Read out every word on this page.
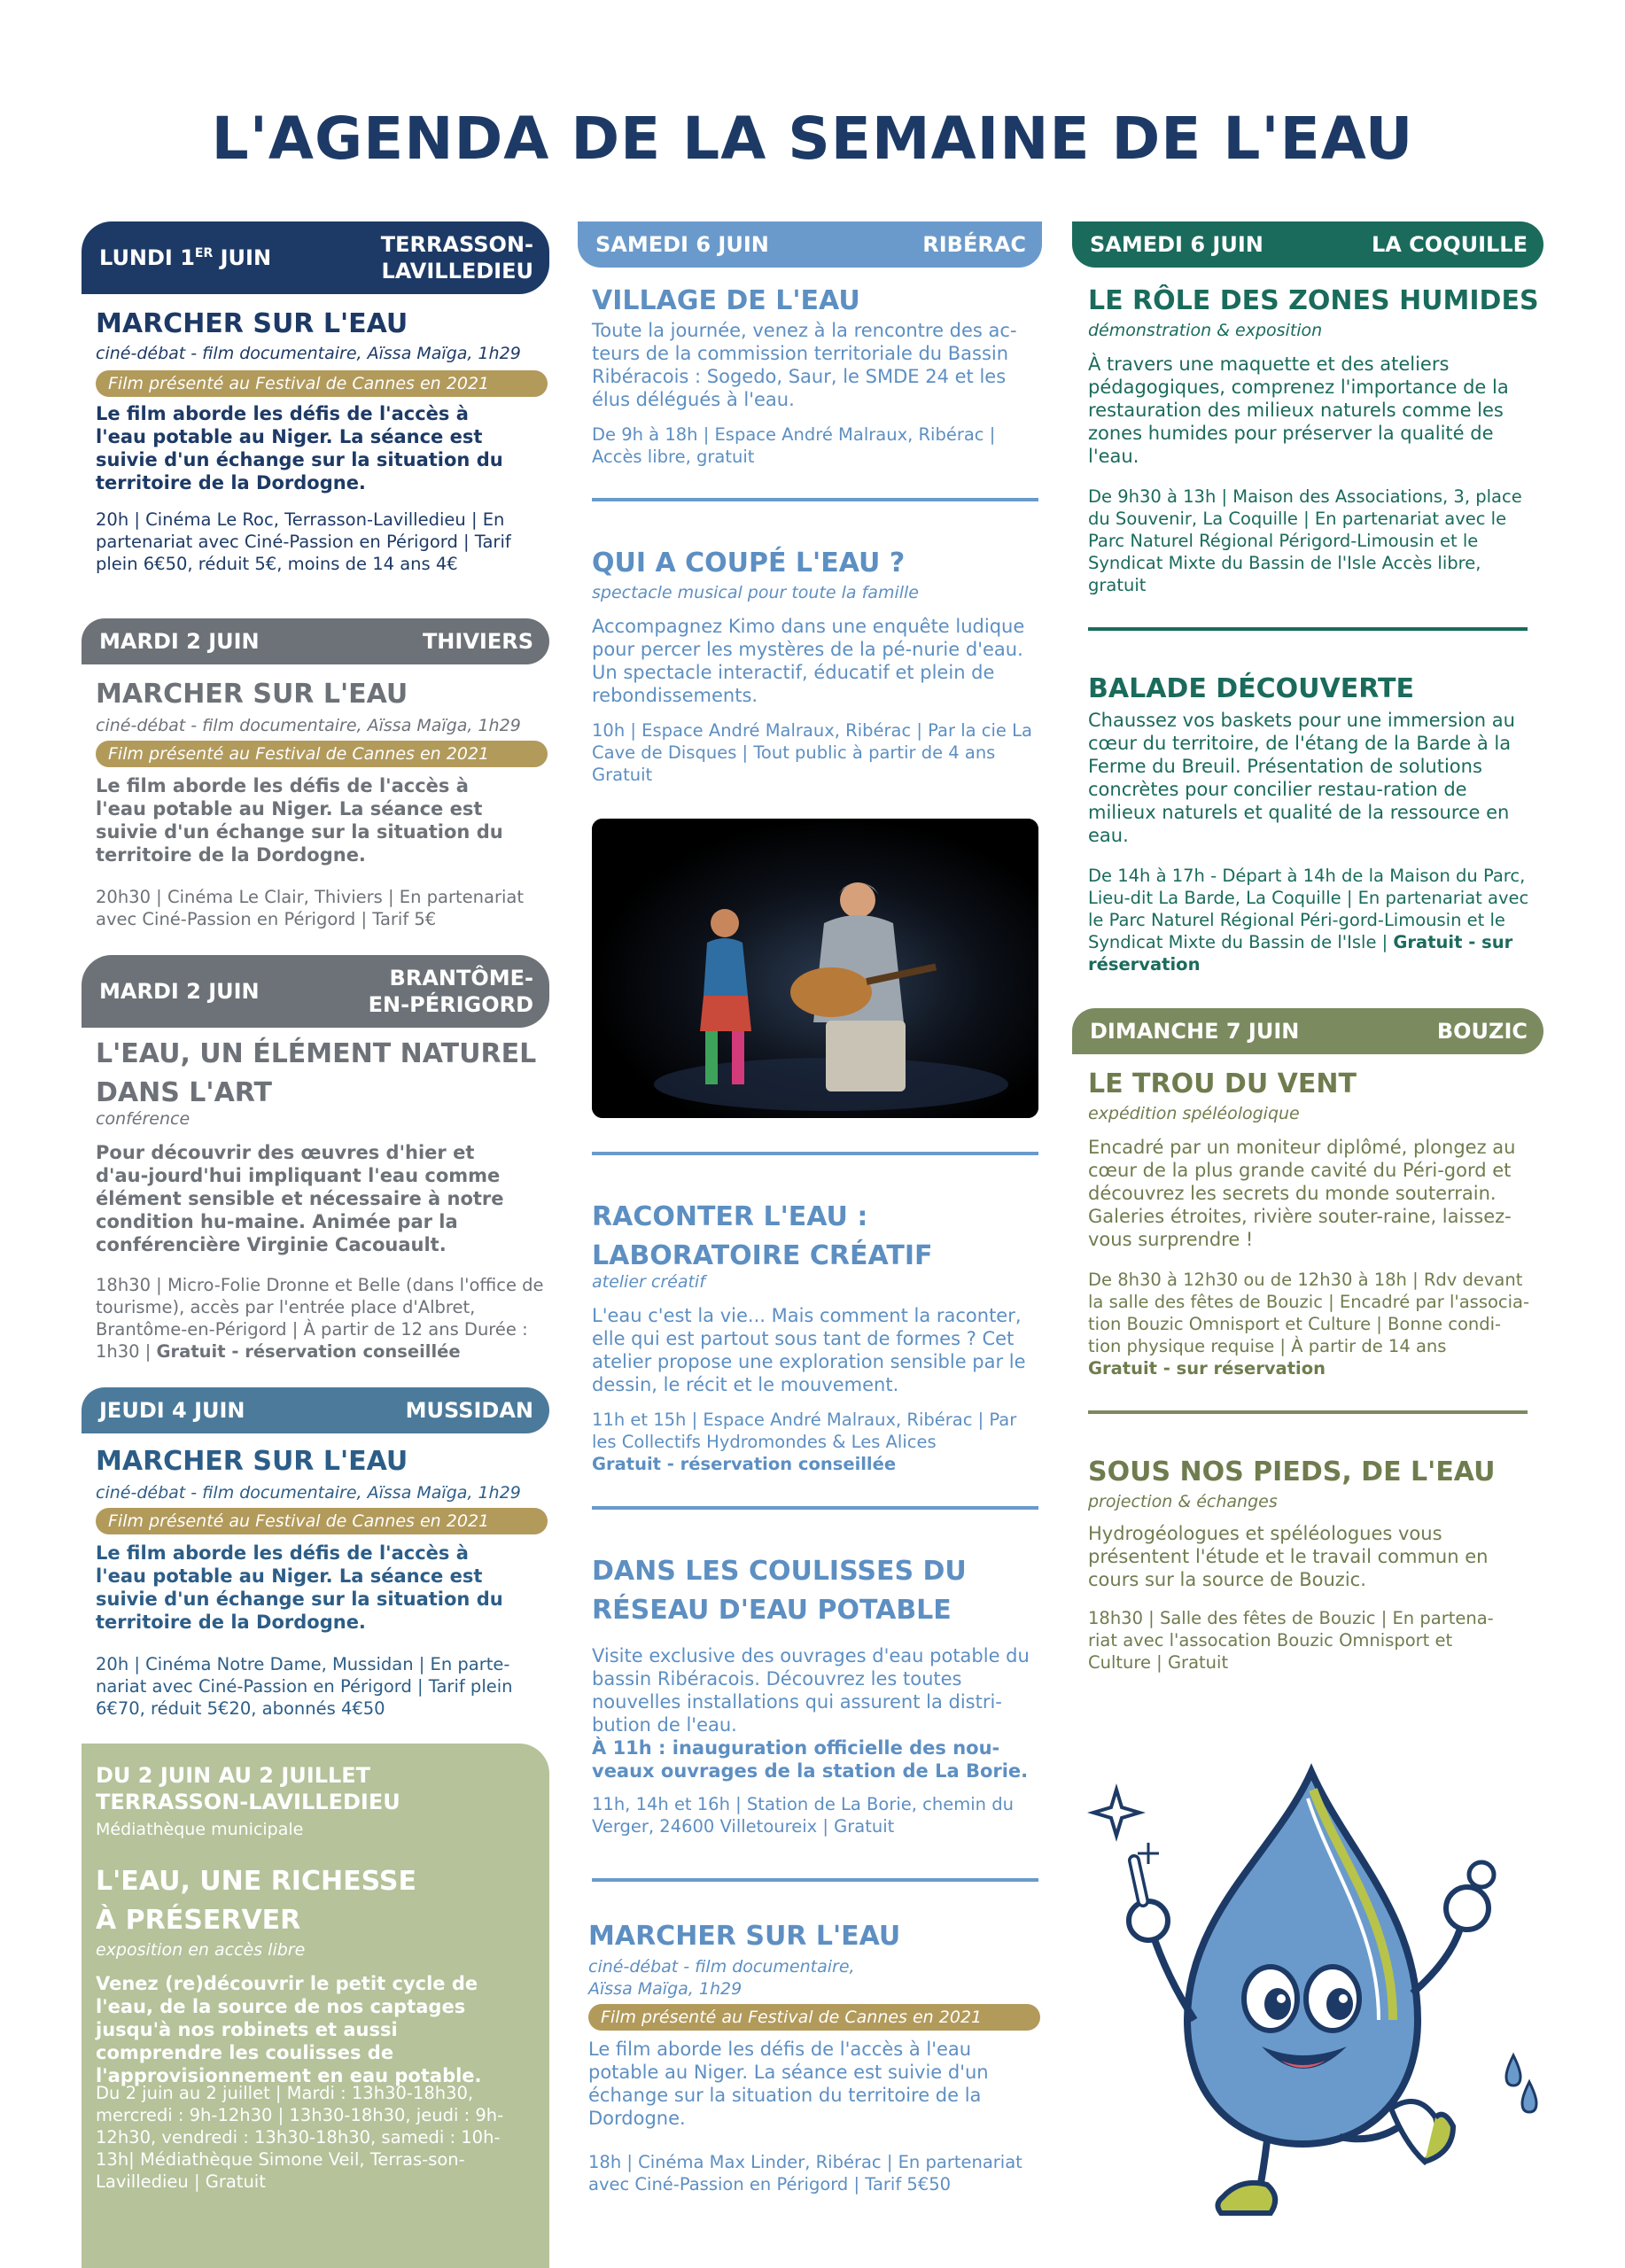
L'AGENDA DE LA SEMAINE DE L'EAU
LUNDI 1ER JUIN
TERRASSON-
LAVILLEDIEU
MARCHER SUR L'EAU
ciné-débat - film documentaire, Aïssa Maïga, 1h29
Film présenté au Festival de Cannes en 2021
Le film aborde les défis de l'accès à l'eau potable au Niger. La séance est suivie d'un échange sur la situation du territoire de la Dordogne.
20h | Cinéma Le Roc, Terrasson-Lavilledieu | En partenariat avec Ciné-Passion en Périgord | Tarif plein 6€50, réduit 5€, moins de 14 ans 4€
MARDI 2 JUIN	THIVIERS
MARCHER SUR L'EAU
ciné-débat - film documentaire, Aïssa Maïga, 1h29
Film présenté au Festival de Cannes en 2021
Le film aborde les défis de l'accès à l'eau potable au Niger. La séance est suivie d'un échange sur la situation du territoire de la Dordogne.
20h30 | Cinéma Le Clair, Thiviers | En partenariat avec Ciné-Passion en Périgord | Tarif 5€
MARDI 2 JUIN
BRANTÔME-
EN-PÉRIGORD
L'EAU, UN ÉLÉMENT NATUREL
DANS L'ART
conférence
Pour découvrir des œuvres d'hier et d'au-jourd'hui impliquant l'eau comme élément sensible et nécessaire à notre condition hu-maine. Animée par la conférencière Virginie Cacouault.
18h30 | Micro-Folie Dronne et Belle (dans l'office de tourisme), accès par l'entrée place d'Albret, Brantôme-en-Périgord | À partir de 12 ans Durée : 1h30 | Gratuit - réservation conseillée
JEUDI 4 JUIN	MUSSIDAN
MARCHER SUR L'EAU
ciné-débat - film documentaire, Aïssa Maïga, 1h29
Film présenté au Festival de Cannes en 2021
Le film aborde les défis de l'accès à l'eau potable au Niger. La séance est suivie d'un échange sur la situation du territoire de la Dordogne.
20h | Cinéma Notre Dame, Mussidan | En parte-nariat avec Ciné-Passion en Périgord | Tarif plein 6€70, réduit 5€20, abonnés 4€50
DU 2 JUIN AU 2 JUILLET
TERRASSON-LAVILLEDIEU
Médiathèque municipale
L'EAU, UNE RICHESSE
À PRÉSERVER
exposition en accès libre
Venez (re)découvrir le petit cycle de l'eau, de la source de nos captages jusqu'à nos robinets et aussi comprendre les coulisses de l'approvisionnement en eau potable.
Du 2 juin au 2 juillet | Mardi : 13h30-18h30, mercredi : 9h-12h30 | 13h30-18h30, jeudi : 9h-12h30, vendredi : 13h30-18h30, samedi : 10h-13h| Médiathèque Simone Veil, Terras-son-Lavilledieu | Gratuit
SAMEDI 6 JUIN	RIBÉRAC
VILLAGE DE L'EAU
Toute la journée, venez à la rencontre des ac-teurs de la commission territoriale du Bassin Ribéracois : Sogedo, Saur, le SMDE 24 et les élus délégués à l'eau.
De 9h à 18h | Espace André Malraux, Ribérac | Accès libre, gratuit
QUI A COUPÉ L'EAU ?
spectacle musical pour toute la famille
Accompagnez Kimo dans une enquête ludique pour percer les mystères de la pé-nurie d'eau. Un spectacle interactif, éducatif et plein de rebondissements.
10h | Espace André Malraux, Ribérac | Par la cie La Cave de Disques | Tout public à partir de 4 ans Gratuit
RACONTER L'EAU :
LABORATOIRE CRÉATIF
atelier créatif
L'eau c'est la vie... Mais comment la raconter, elle qui est partout sous tant de formes ? Cet atelier propose une exploration sensible par le dessin, le récit et le mouvement.
11h et 15h | Espace André Malraux, Ribérac | Par les Collectifs Hydromondes & Les Alices
Gratuit - réservation conseillée
DANS LES COULISSES DU
RÉSEAU D'EAU POTABLE
Visite exclusive des ouvrages d'eau potable du bassin Ribéracois. Découvrez les toutes nouvelles installations qui assurent la distri-bution de l'eau.
À 11h : inauguration officielle des nou-veaux ouvrages de la station de La Borie.
11h, 14h et 16h | Station de La Borie, chemin du Verger, 24600 Villetoureix | Gratuit
MARCHER SUR L'EAU
ciné-débat - film documentaire,
Aïssa Maïga, 1h29
Film présenté au Festival de Cannes en 2021
Le film aborde les défis de l'accès à l'eau potable au Niger. La séance est suivie d'un échange sur la situation du territoire de la Dordogne.
18h | Cinéma Max Linder, Ribérac | En partenariat avec Ciné-Passion en Périgord | Tarif 5€50
SAMEDI 6 JUIN	LA COQUILLE
LE RÔLE DES ZONES HUMIDES
démonstration & exposition
À travers une maquette et des ateliers pédagogiques, comprenez l'importance de la restauration des milieux naturels comme les zones humides pour préserver la qualité de l'eau.
De 9h30 à 13h | Maison des Associations, 3, place du Souvenir, La Coquille | En partenariat avec le Parc Naturel Régional Périgord-Limousin et le Syndicat Mixte du Bassin de l'Isle Accès libre, gratuit
BALADE DÉCOUVERTE
Chaussez vos baskets pour une immersion au cœur du territoire, de l'étang de la Barde à la Ferme du Breuil. Présentation de solutions concrètes pour concilier restau-ration de milieux naturels et qualité de la ressource en eau.
De 14h à 17h - Départ à 14h de la Maison du Parc, Lieu-dit La Barde, La Coquille | En partenariat avec le Parc Naturel Régional Péri-gord-Limousin et le Syndicat Mixte du Bassin de l'Isle | Gratuit - sur réservation
DIMANCHE 7 JUIN	BOUZIC
LE TROU DU VENT
expédition spéléologique
Encadré par un moniteur diplômé, plongez au cœur de la plus grande cavité du Péri-gord et découvrez les secrets du monde souterrain. Galeries étroites, rivière souter-raine, laissez-vous surprendre !
De 8h30 à 12h30 ou de 12h30 à 18h | Rdv devant la salle des fêtes de Bouzic | Encadré par l'associa-tion Bouzic Omnisport et Culture | Bonne condi-tion physique requise | À partir de 14 ans
Gratuit - sur réservation
SOUS NOS PIEDS, DE L'EAU
projection & échanges
Hydrogéologues et spéléologues vous présentent l'étude et le travail commun en cours sur la source de Bouzic.
18h30 | Salle des fêtes de Bouzic | En partena-riat avec l'assocation Bouzic Omnisport et Culture | Gratuit
